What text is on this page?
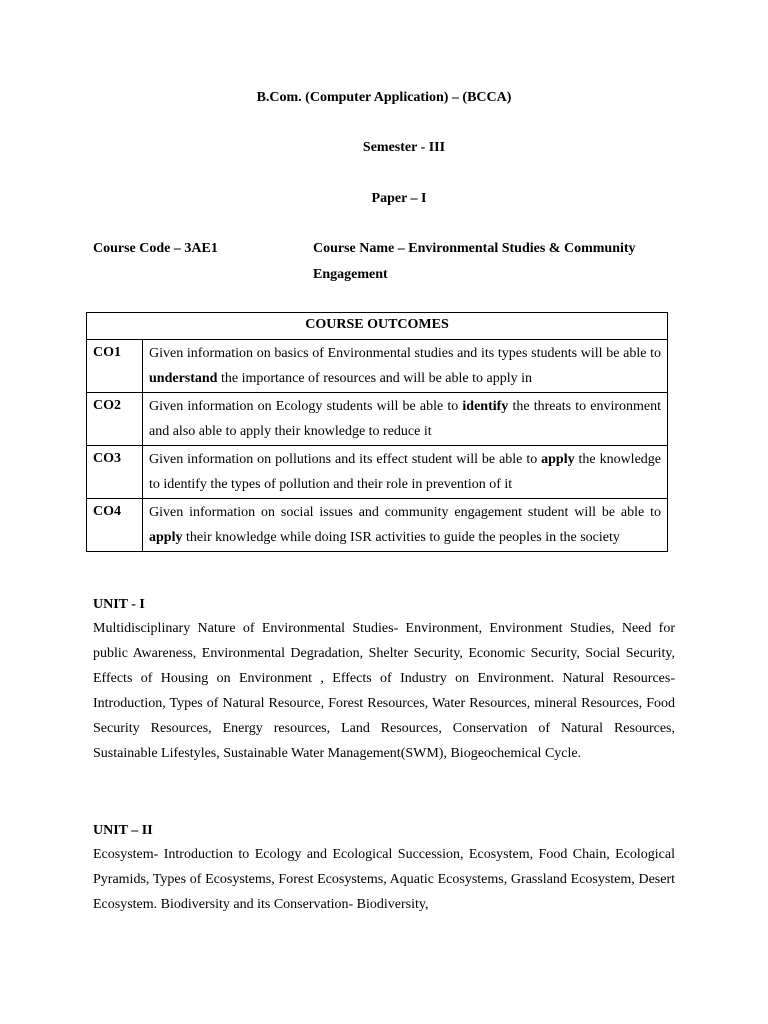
B.Com. (Computer Application) – (BCCA)
Semester - III
Paper – I
Course Code – 3AE1	Course Name – Environmental Studies & Community Engagement
COURSE OUTCOMES	
CO1	Given information on basics of Environmental studies and its types students will be able to understand the importance of resources and will be able to apply in
CO2	Given information on Ecology students will be able to identify the threats to environment and also able to apply their knowledge to reduce it
CO3	Given information on pollutions and its effect student will be able to apply the knowledge to identify the types of pollution and their role in prevention of it
CO4	Given information on social issues and community engagement student will be able to apply their knowledge while doing ISR activities to guide the peoples in the society
UNIT - I
Multidisciplinary Nature of Environmental Studies- Environment, Environment Studies, Need for public Awareness, Environmental Degradation, Shelter Security, Economic Security, Social Security, Effects of Housing on Environment , Effects of Industry on Environment. Natural Resources- Introduction, Types of Natural Resource, Forest Resources, Water Resources, mineral Resources, Food Security Resources, Energy resources, Land Resources, Conservation of Natural Resources, Sustainable Lifestyles, Sustainable Water Management(SWM), Biogeochemical Cycle.
UNIT – II
Ecosystem- Introduction to Ecology and Ecological Succession, Ecosystem, Food Chain, Ecological Pyramids, Types of Ecosystems, Forest Ecosystems, Aquatic Ecosystems, Grassland Ecosystem, Desert Ecosystem. Biodiversity and its Conservation- Biodiversity,
